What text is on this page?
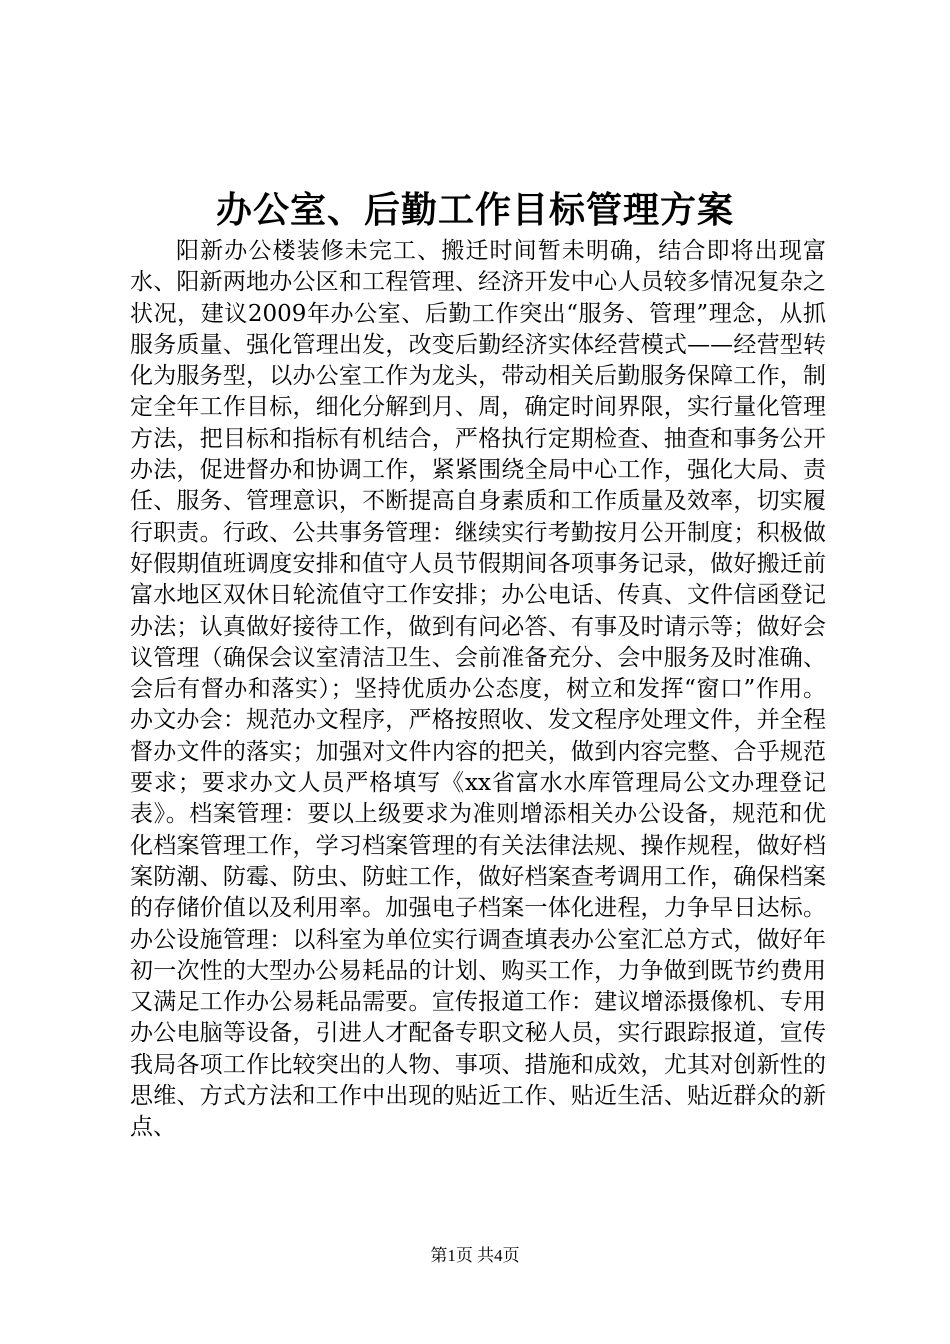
办公室、后勤工作目标管理方案

阳新办公楼装修未完工、搬迁时间暂未明确，结合即将出现富水、阳新两地办公区和工程管理、经济开发中心人员较多情况复杂之状况，建议2009年办公室、后勤工作突出“服务、管理”理念，从抓服务质量、强化管理出发，改变后勤经济实体经营模式——经营型转化为服务型，以办公室工作为龙头，带动相关后勤服务保障工作，制定全年工作目标，细化分解到月、周，确定时间界限，实行量化管理方法，把目标和指标有机结合，严格执行定期检查、抽查和事务公开办法，促进督办和协调工作，紧紧围绕全局中心工作，强化大局、责任、服务、管理意识，不断提高自身素质和工作质量及效率，切实履行职责。行政、公共事务管理：继续实行考勤按月公开制度；积极做好假期值班调度安排和值守人员节假期间各项事务记录，做好搬迁前富水地区双休日轮流值守工作安排；办公电话、传真、文件信函登记办法；认真做好接待工作，做到有问必答、有事及时请示等；做好会议管理（确保会议室清洁卫生、会前准备充分、会中服务及时准确、会后有督办和落实）；坚持优质办公态度，树立和发挥“窗口”作用。办文办会：规范办文程序，严格按照收、发文程序处理文件，并全程督办文件的落实；加强对文件内容的把关，做到内容完整、合乎规范要求；要求办文人员严格填写《xx省富水水库管理局公文办理登记表》。档案管理：要以上级要求为准则增添相关办公设备，规范和优化档案管理工作，学习档案管理的有关法律法规、操作规程，做好档案防潮、防霉、防虫、防蛀工作，做好档案查考调用工作，确保档案的存储价值以及利用率。加强电子档案一体化进程，力争早日达标。办公设施管理：以科室为单位实行调查填表办公室汇总方式，做好年初一次性的大型办公易耗品的计划、购买工作，力争做到既节约费用又满足工作办公易耗品需要。宣传报道工作：建议增添摄像机、专用办公电脑等设备，引进人才配备专职文秘人员，实行跟踪报道，宣传我局各项工作比较突出的人物、事项、措施和成效，尤其对创新性的思维、方式方法和工作中出现的贴近工作、贴近生活、贴近群众的新点、

第1页 共4页
